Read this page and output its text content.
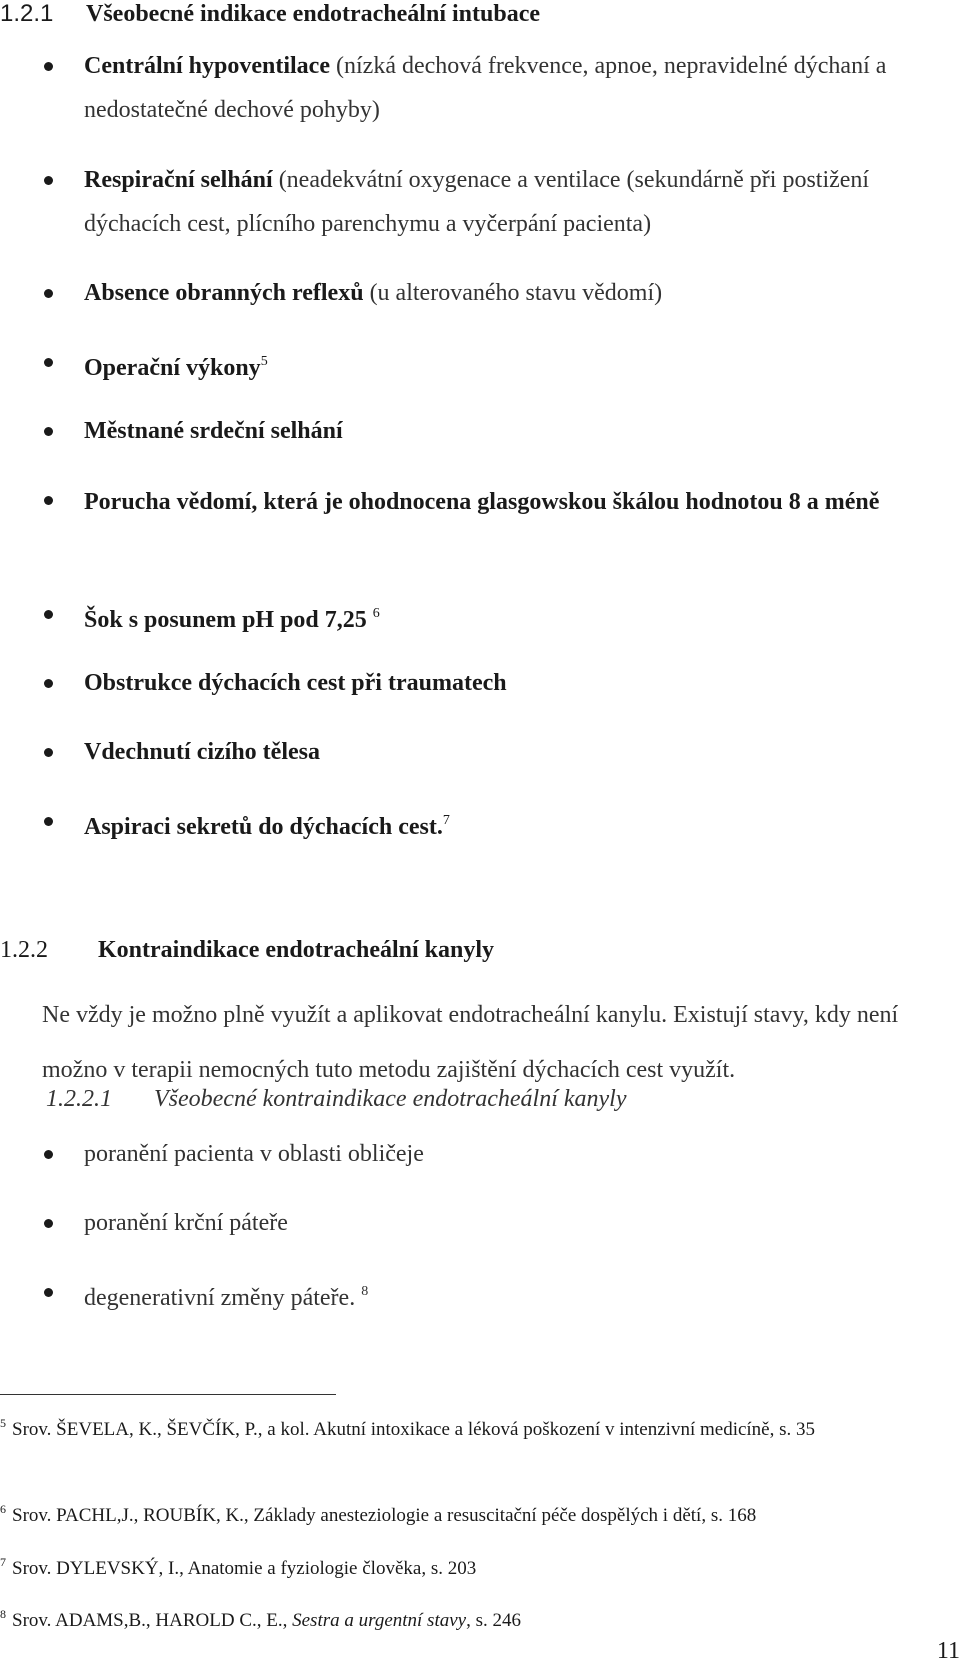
1.2.1 Všeobecné indikace endotracheální intubace
Centrální hypoventilace (nízká dechová frekvence, apnoe, nepravidelné dýchaní a nedostatečné dechové pohyby)
Respirační selhání (neadekvátní oxygenace a ventilace (sekundárně při postižení dýchacích cest, plícního parenchymu a vyčerpání pacienta)
Absence obranných reflexů (u alterovaného stavu vědomí)
Operační výkony$^5$
Městnané srdeční selhání
Porucha vědomí, která je ohodnocena glasgowskou škálou hodnotou 8 a méně
Šok s posunem pH pod 7,25 $^6$
Obstrukce dýchacích cest při traumatech
Vdechnutí cizího tělesa
Aspiraci sekretů do dýchacích cest.$^7$
1.2.2 Kontraindikace endotracheální kanyly
Ne vždy je možno plně využít a aplikovat endotracheální kanylu. Existují stavy, kdy není možno v terapii nemocných tuto metodu zajištění dýchacích cest využít.
1.2.2.1 Všeobecné kontraindikace endotracheální kanyly
poranění pacienta v oblasti obličeje
poranění krční páteře
degenerativní změny páteře. $^8$
$^5$ Srov. ŠEVELA, K., ŠEVČÍK, P., a kol. Akutní intoxikace a léková poškození v intenzivní medicíně, s. 35
$^6$ Srov. PACHL,J., ROUBÍK, K., Základy anesteziologie a resuscitační péče dospělých i dětí, s. 168
$^7$ Srov. DYLEVSKÝ, I., Anatomie a fyziologie člověka, s. 203
$^8$ Srov. ADAMS,B., HAROLD C., E., Sestra a urgentní stavy, s. 246
11
